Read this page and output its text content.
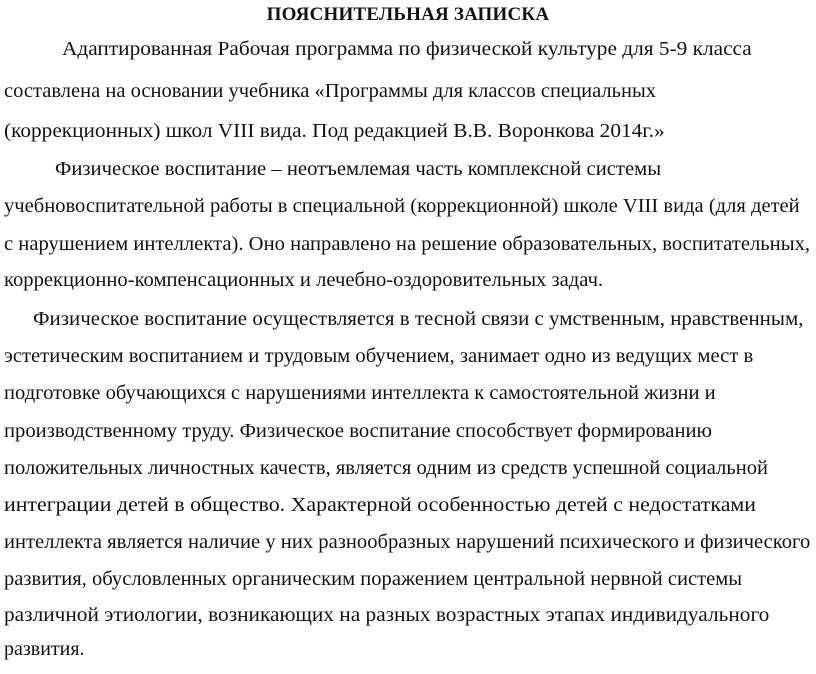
ПОЯСНИТЕЛЬНАЯ ЗАПИСКА
Адаптированная Рабочая программа по физической культуре для 5-9 класса
составлена на основании учебника «Программы для классов специальных
(коррекционных) школ VIII вида. Под редакцией В.В. Воронкова 2014г.»
Физическое воспитание – неотъемлемая часть комплексной системы
учебновоспитательной работы в специальной (коррекционной) школе VIII вида (для детей
с нарушением интеллекта). Оно направлено на решение образовательных, воспитательных,
коррекционно-компенсационных и лечебно-оздоровительных задач.
Физическое воспитание осуществляется в тесной связи с умственным, нравственным,
эстетическим воспитанием и трудовым обучением, занимает одно из ведущих мест в
подготовке обучающихся с нарушениями интеллекта к самостоятельной жизни и
производственному труду. Физическое воспитание способствует формированию
положительных личностных качеств, является одним из средств успешной социальной
интеграции детей в общество. Характерной особенностью детей с недостатками
интеллекта является наличие у них разнообразных нарушений психического и физического
развития, обусловленных органическим поражением центральной нервной системы
различной этиологии, возникающих на разных возрастных этапах индивидуального
развития.
